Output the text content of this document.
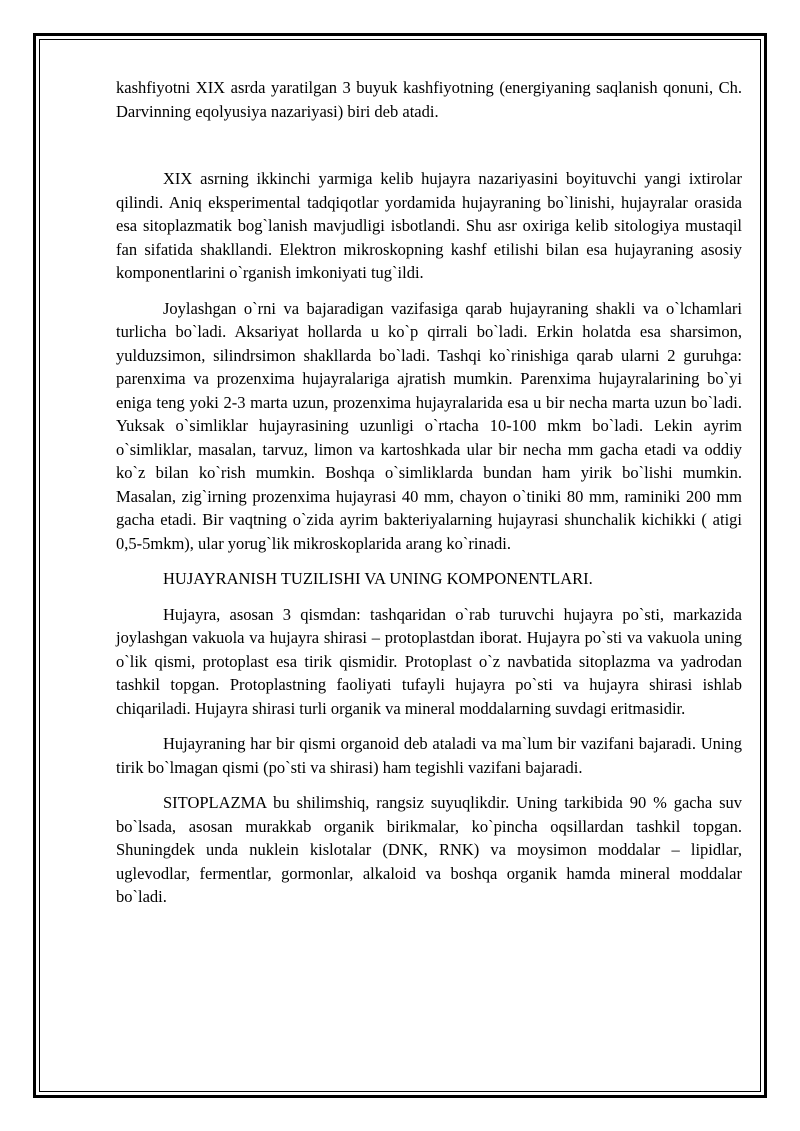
kashfiyotni XIX asrda yaratilgan 3 buyuk kashfiyotning (energiyaning saqlanish qonuni, Ch. Darvinning eqolyusiya nazariyasi) biri deb atadi.

XIX asrning ikkinchi yarmiga kelib hujayra nazariyasini boyituvchi yangi ixtirolar qilindi. Aniq eksperimental tadqiqotlar yordamida hujayraning bo`linishi, hujayralar orasida esa sitoplazmatik bog`lanish mavjudligi isbotlandi. Shu asr oxiriga kelib sitologiya mustaqil fan sifatida shakllandi. Elektron mikroskopning kashf etilishi bilan esa hujayraning asosiy komponentlarini o`rganish imkoniyati tug`ildi.

Joylashgan o`rni va bajaradigan vazifasiga qarab hujayraning shakli va o`lchamlari turlicha bo`ladi. Aksariyat hollarda u ko`p qirrali bo`ladi. Erkin holatda esa sharsimon, yulduzsimon, silindrsimon shakllarda bo`ladi. Tashqi ko`rinishiga qarab ularni 2 guruhga: parenxima va prozenxima hujayralariga ajratish mumkin. Parenxima hujayralarining bo`yi eniga teng yoki 2-3 marta uzun, prozenxima hujayralarida esa u bir necha marta uzun bo`ladi. Yuksak o`simliklar hujayrasining uzunligi o`rtacha 10-100 mkm bo`ladi. Lekin ayrim o`simliklar, masalan, tarvuz, limon va kartoshkada ular bir necha mm gacha etadi va oddiy ko`z bilan ko`rish mumkin. Boshqa o`simliklarda bundan ham yirik bo`lishi mumkin. Masalan, zig`irning prozenxima hujayrasi 40 mm, chayon o`tiniki 80 mm, raminiki 200 mm gacha etadi. Bir vaqtning o`zida ayrim bakteriyalarning hujayrasi shunchalik kichikki ( atigi 0,5-5mkm), ular yorug`lik mikroskoplarida arang ko`rinadi.

HUJAYRANISH TUZILISHI VA UNING KOMPONENTLARI.

Hujayra, asosan 3 qismdan: tashqaridan o`rab turuvchi hujayra po`sti, markazida joylashgan vakuola va hujayra shirasi – protoplastdan iborat. Hujayra po`sti va vakuola uning o`lik qismi, protoplast esa tirik qismidir. Protoplast o`z navbatida sitoplazma va yadrodan tashkil topgan. Protoplastning faoliyati tufayli hujayra po`sti va hujayra shirasi ishlab chiqariladi. Hujayra shirasi turli organik va mineral moddalarning suvdagi eritmasidir.

Hujayraning har bir qismi organoid deb ataladi va ma`lum bir vazifani bajaradi. Uning tirik bo`lmagan qismi (po`sti va shirasi) ham tegishli vazifani bajaradi.

SITOPLAZMA bu shilimshiq, rangsiz suyuqlikdir. Uning tarkibida 90 % gacha suv bo`lsada, asosan murakkab organik birikmalar, ko`pincha oqsillardan tashkil topgan. Shuningdek unda nuklein kislotalar (DNK, RNK) va moysimon moddalar – lipidlar, uglevodlar, fermentlar, gormonlar, alkaloid va boshqa organik hamda mineral moddalar bo`ladi.
